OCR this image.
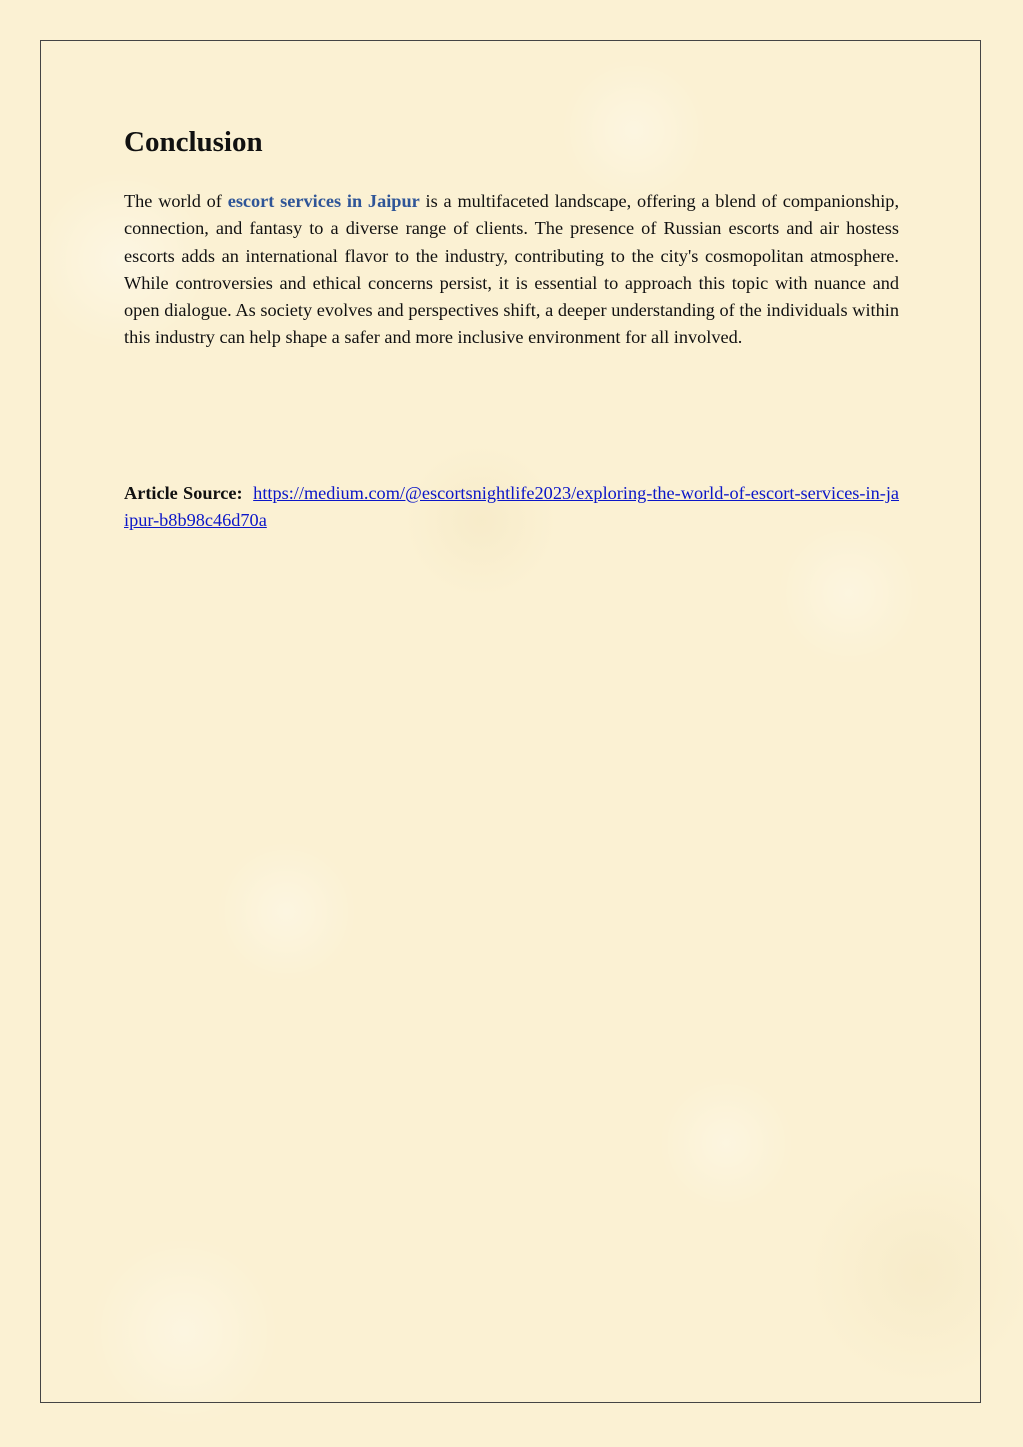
Conclusion

The world of escort services in Jaipur is a multifaceted landscape, offering a blend of companionship, connection, and fantasy to a diverse range of clients. The presence of Russian escorts and air hostess escorts adds an international flavor to the industry, contributing to the city's cosmopolitan atmosphere. While controversies and ethical concerns persist, it is essential to approach this topic with nuance and open dialogue. As society evolves and perspectives shift, a deeper understanding of the individuals within this industry can help shape a safer and more inclusive environment for all involved.

Article Source: https://medium.com/@escortsnightlife2023/exploring-the-world-of-escort-services-in-jaipur-b8b98c46d70a
